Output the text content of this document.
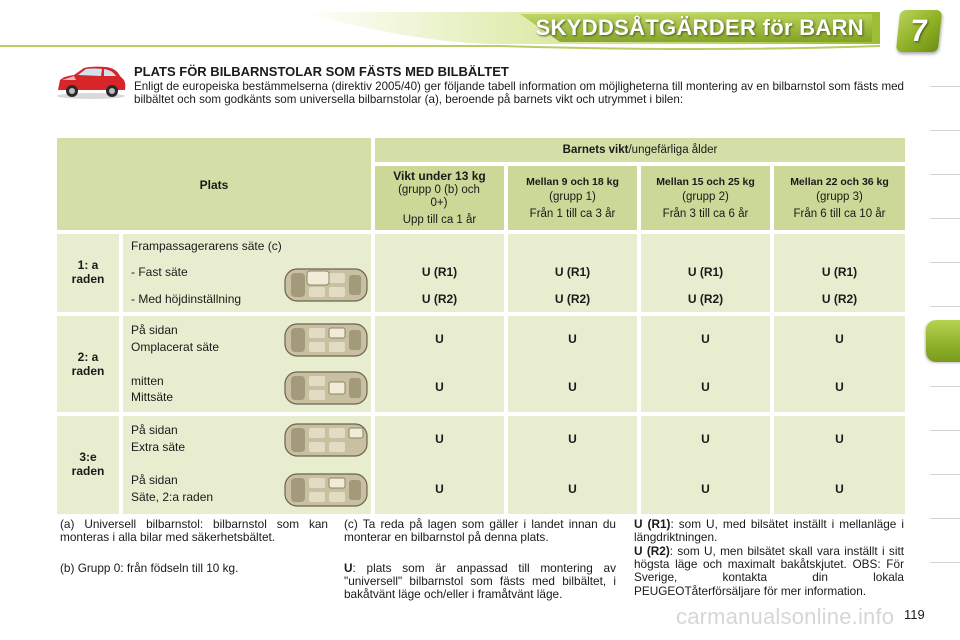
SKYDDSÅTGÄRDER för BARN	7
PLATS FÖR BILBARNSTOLAR SOM FÄSTS MED BILBÄLTET
Enligt de europeiska bestämmelserna (direktiv 2005/40) ger följande tabell information om möjligheterna till montering av en bilbarnstol som fästs med bilbältet och som godkänts som universella bilbarnstolar (a), beroende på barnets vikt och utrymmet i bilen:
Plats
Barnets vikt/ungefärliga ålder
Vikt under 13 kg
(grupp 0 (b) och 0+)
Upp till ca 1 år
Mellan 9 och 18 kg
(grupp 1)
Från 1 till ca 3 år
Mellan 15 och 25 kg
(grupp 2)
Från 3 till ca 6 år
Mellan 22 och 36 kg
(grupp 3)
Från 6 till ca 10 år
1: a raden
Frampassagerarens säte (c)
- Fast säte
- Med höjdinställning
U (R1)
U (R2)
U (R1)
U (R2)
U (R1)
U (R2)
U (R1)
U (R2)
2: a raden
På sidan
Omplacerat säte
mitten
Mittsäte
U
U
U
U
U
U
U
U
3:e raden
På sidan
Extra säte
På sidan
Säte, 2:a raden
U
U
U
U
U
U
U
U
(a) Universell bilbarnstol: bilbarnstol som kan monteras i alla bilar med säkerhetsbältet.
(b) Grupp 0: från födseln till 10 kg.
(c) Ta reda på lagen som gäller i landet innan du monterar en bilbarnstol på denna plats.
U: plats som är anpassad till montering av "universell" bilbarnstol som fästs med bilbältet, i bakåtvänt läge och/eller i framåtvänt läge.
U (R1): som U, med bilsätet inställt i mellanläge i längdriktningen.
U (R2): som U, men bilsätet skall vara inställt i sitt högsta läge och maximalt bakåtskjutet. OBS: För Sverige, kontakta din lokala PEUGEOTåterförsäljare för mer information.
carmanualsonline.info 119
